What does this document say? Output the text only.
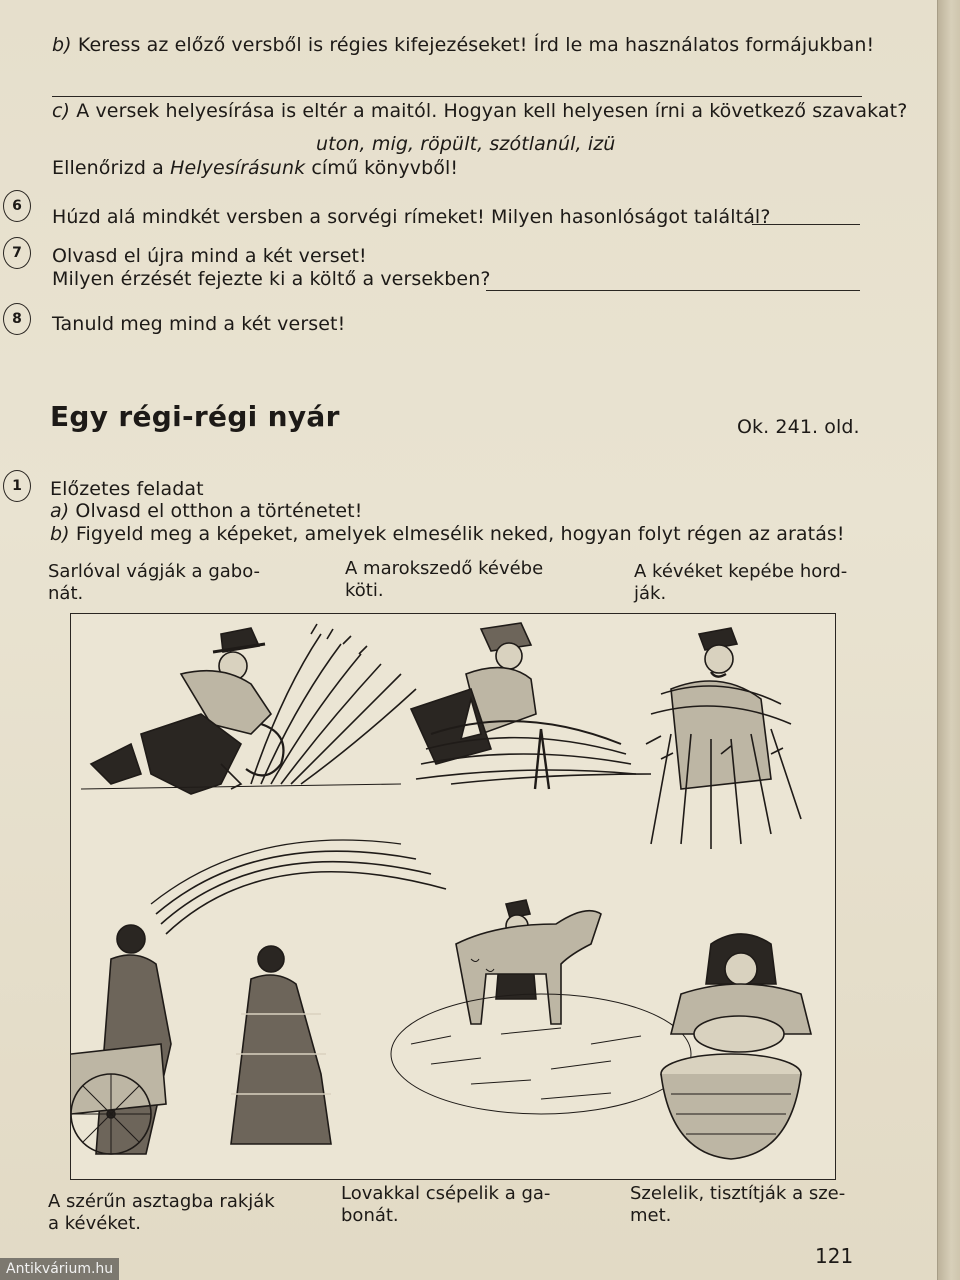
b) Keress az előző versből is régies kifejezéseket! Írd le ma használatos formájukban!
c) A versek helyesírása is eltér a maitól. Hogyan kell helyesen írni a következő szavakat?
uton, mig, röpült, szótlanúl, izü
Ellenőrizd a Helyesírásunk című könyvből!
6	Húzd alá mindkét versben a sorvégi rímeket! Milyen hasonlóságot találtál?
7	Olvasd el újra mind a két verset!
Milyen érzését fejezte ki a költő a versekben?
8	Tanuld meg mind a két verset!
Egy régi-régi nyár	Ok. 241. old.
1	Előzetes feladat
a) Olvasd el otthon a történetet!
b) Figyeld meg a képeket, amelyek elmesélik neked, hogyan folyt régen az aratás!
Sarlóval vágják a gabo-
nát.
A marokszedő kévébe
köti.
A kévéket kepébe hord-
ják.
A szérűn asztagba rakják
a kévéket.
Lovakkal csépelik a ga-
bonát.
Szelelik, tisztítják a sze-
met.
121
Antikvárium.hu
